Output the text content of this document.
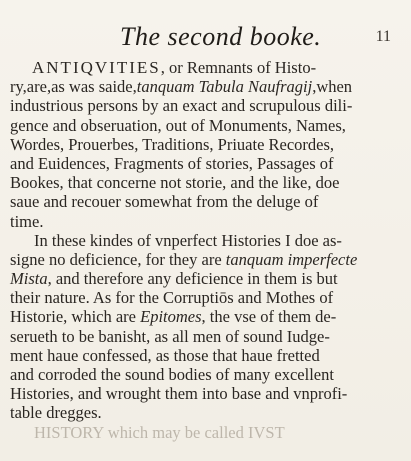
The second booke.	11
ANTIQVITIES, or Remnants of Histo-
ry,are,as was saide,tanquam Tabula Naufragij,when
industrious persons by an exact and scrupulous dili-
gence and obseruation, out of Monuments, Names,
Wordes, Prouerbes, Traditions, Priuate Recordes,
and Euidences, Fragments of stories, Passages of
Bookes, that concerne not storie, and the like, doe
saue and recouer somewhat from the deluge of
time.
In these kindes of vnperfect Histories I doe as-
signe no deficience, for they are tanquam imperfecte
Mista, and therefore any deficience in them is but
their nature. As for the Corruptiōs and Mothes of
Historie, which are Epitomes, the vse of them de-
serueth to be banisht, as all men of sound Iudge-
ment haue confessed, as those that haue fretted
and corroded the sound bodies of many excellent
Histories, and wrought them into base and vnprofi-
table dregges.
HISTORY which may be called IVST
